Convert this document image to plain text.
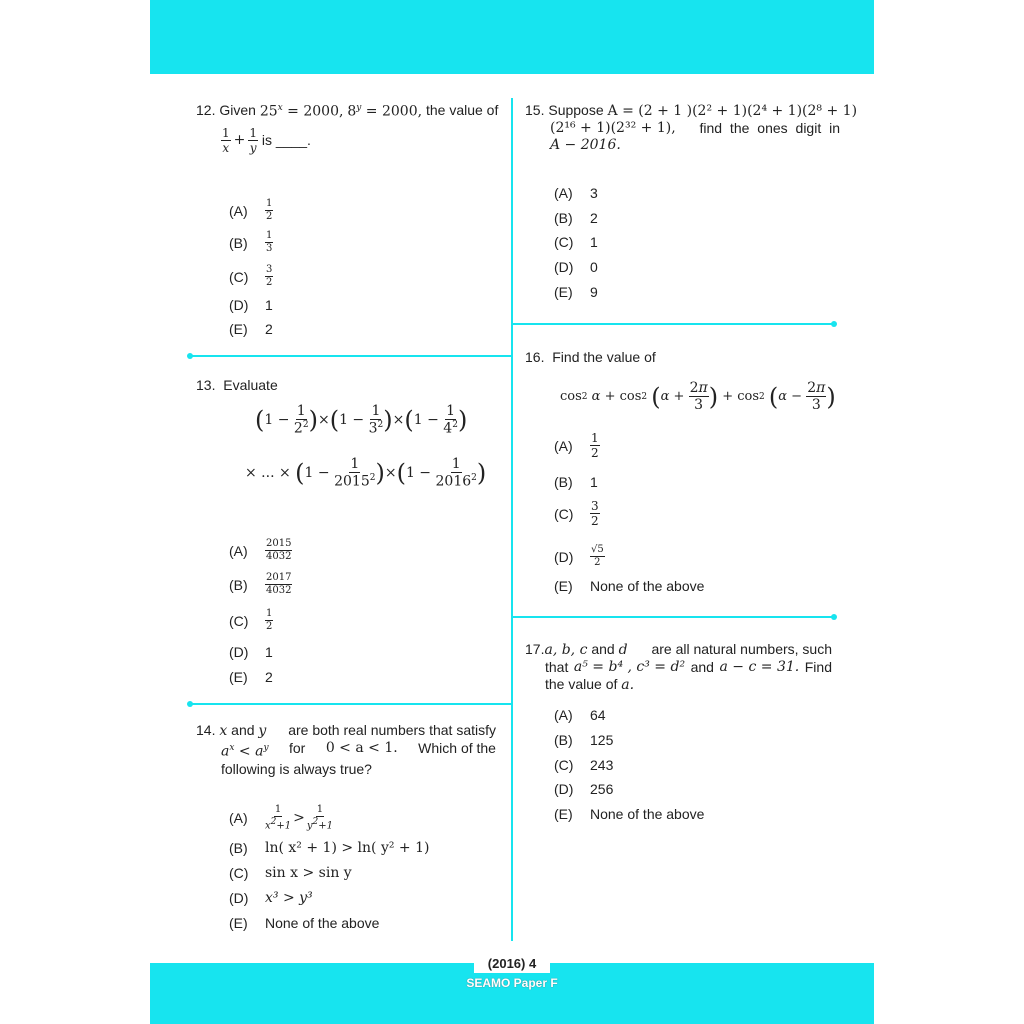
12.
Given
$25^x = 2000$,
$8^y = 2000$,
the value of
$\frac{1}{x} + \frac{1}{y}$
is ____.
(A)	$\frac{1}{2}$
(B)	$\frac{1}{3}$
(C)	$\frac{3}{2}$
(D)	1
(E)	2
13. Evaluate
( $1 - \frac{1}{2^2}$ ) × ( $1 - \frac{1}{3^2}$ ) × ( $1 - \frac{1}{4^2}$ )
× ... × ( $1 - \frac{1}{2015^2}$ ) × ( $1 - \frac{1}{2016^2}$ )
(A)	$\frac{2015}{4032}$
(B)	$\frac{2017}{4032}$
(C)	$\frac{1}{2}$
(D)	1
(E)	2
14. x and y are both real numbers that satisfy
$a^x < a^y$ for 0 < a < 1. Which of the
following is always true?
(A)	$\frac{1}{x^2+1} > \frac{1}{y^2+1}$
(B)	ln( x² + 1) > ln( y² + 1)
(C)	sin x > sin y
(D)	x³ > y³
(E)	None of the above
15. Suppose A = (2 + 1 )(2² + 1)(2⁴ + 1)(2⁸ + 1)
(2¹⁶ + 1)(2³² + 1), find the ones digit in
A − 2016.
(A)	3
(B)	2
(C)	1
(D)	0
(E)	9
16. Find the value of
cos 2
α + cos 2
( $\alpha + \frac{2\pi}{3}$ ) + cos 2
( $\alpha - \frac{2\pi}{3}$ )
(A)	$\frac{1}{2}$
(B)	1
(C)	$\frac{3}{2}$
(D)	$\frac{√5}{2}$
(E)	None of the above
17.a, b, c and d are all natural numbers, such
that a⁵ = b⁴ , c³ = d² and a − c = 31. Find
the value of a.
(A)	64
(B)	125
(C)	243
(D)	256
(E)	None of the above
(2016) 4
SEAMO Paper F
